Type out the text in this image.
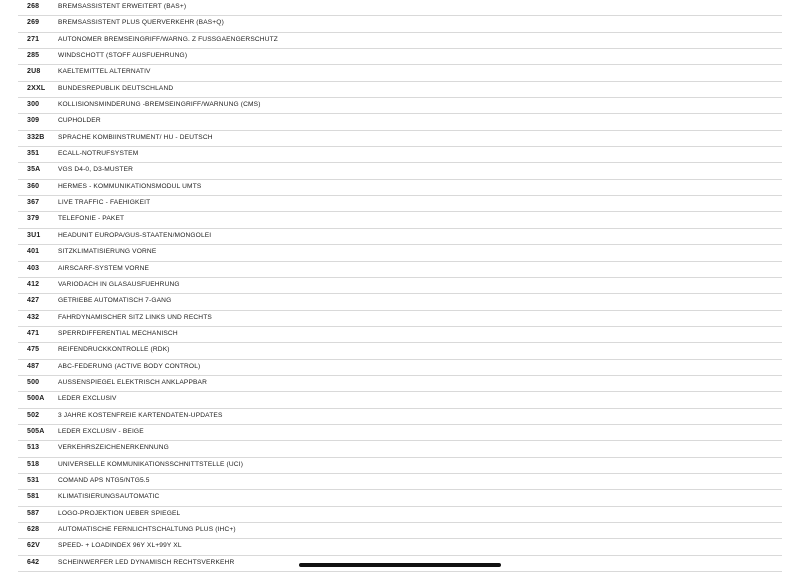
268	BREMSASSISTENT ERWEITERT (BAS+)
269	BREMSASSISTENT PLUS QUERVERKEHR (BAS+Q)
271	AUTONOMER BREMSEINGRIFF/WARNG. Z FUSSGAENGERSCHUTZ
285	WINDSCHOTT (STOFF AUSFUEHRUNG)
2U8	KAELTEMITTEL ALTERNATIV
2XXL BUNDESREPUBLIK DEUTSCHLAND
300	KOLLISIONSMINDERUNG -BREMSEINGRIFF/WARNUNG (CMS)
309	CUPHOLDER
332B SPRACHE KOMBIINSTRUMENT/ HU - DEUTSCH
351	ECALL-NOTRUFSYSTEM
35A	VGS D4-0, D3-MUSTER
360	HERMES - KOMMUNIKATIONSMODUL UMTS
367	LIVE TRAFFIC - FAEHIGKEIT
379	TELEFONIE - PAKET
3U1	HEADUNIT EUROPA/GUS-STAATEN/MONGOLEI
401	SITZKLIMATISIERUNG VORNE
403	AIRSCARF-SYSTEM VORNE
412	VARIODACH IN GLASAUSFUEHRUNG
427	GETRIEBE AUTOMATISCH 7-GANG
432	FAHRDYNAMISCHER SITZ LINKS UND RECHTS
471	SPERRDIFFERENTIAL MECHANISCH
475	REIFENDRUCKKONTROLLE (RDK)
487	ABC-FEDERUNG (ACTIVE BODY CONTROL)
500	AUSSENSPIEGEL ELEKTRISCH ANKLAPPBAR
500A LEDER EXCLUSIV
502	3 JAHRE KOSTENFREIE KARTENDATEN-UPDATES
505A LEDER EXCLUSIV - BEIGE
513	VERKEHRSZEICHENERKENNUNG
518	UNIVERSELLE KOMMUNIKATIONSSCHNITTSTELLE (UCI)
531	COMAND APS NTG5/NTG5.5
581	KLIMATISIERUNGSAUTOMATIC
587	LOGO-PROJEKTION UEBER SPIEGEL
628	AUTOMATISCHE FERNLICHTSCHALTUNG PLUS (IHC+)
62V	SPEED- + LOADINDEX 96Y XL+99Y XL
642	SCHEINWERFER LED DYNAMISCH RECHTSVERKEHR
